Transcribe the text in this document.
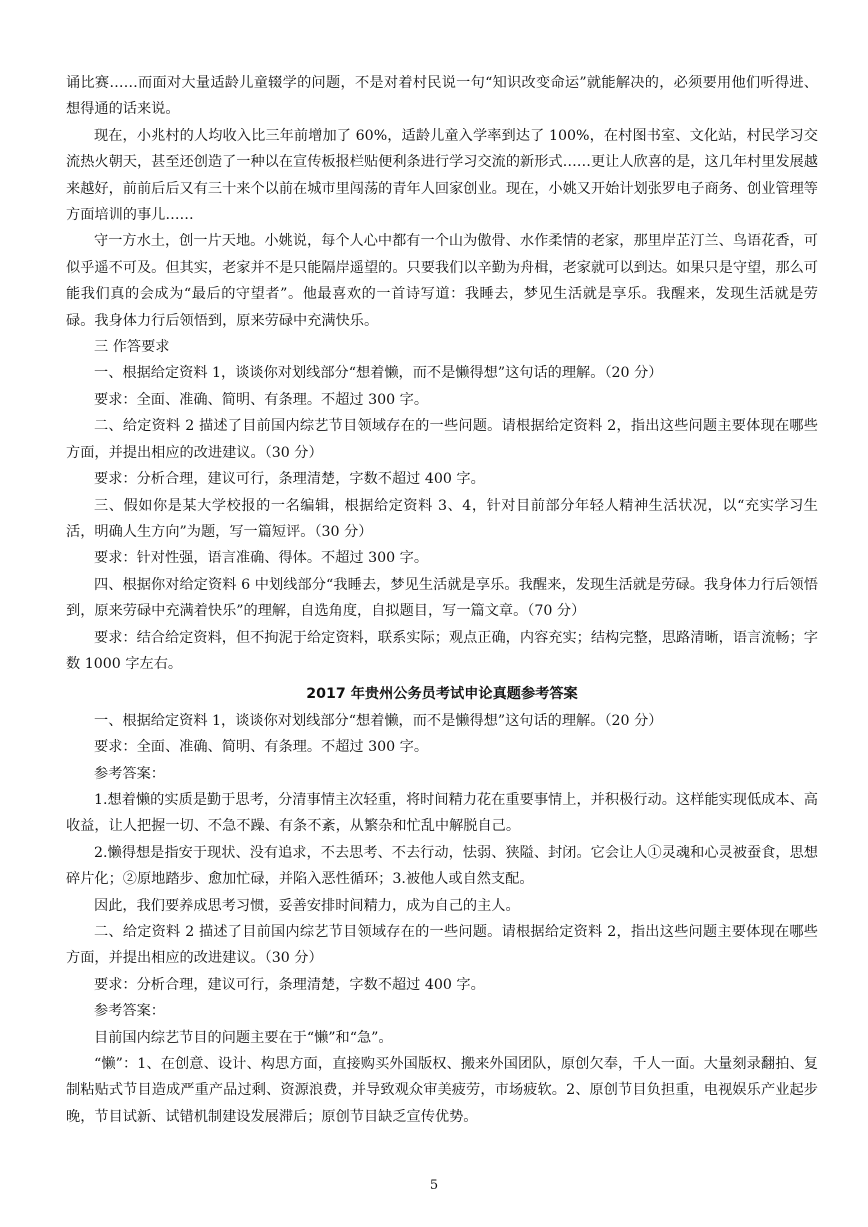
诵比赛……而面对大量适龄儿童辍学的问题，不是对着村民说一句“知识改变命运”就能解决的，必须要用他们听得进、想得通的话来说。

现在，小兆村的人均收入比三年前增加了 60%，适龄儿童入学率到达了 100%，在村图书室、文化站，村民学习交流热火朝天，甚至还创造了一种以在宣传板报栏贴便利条进行学习交流的新形式……更让人欣喜的是，这几年村里发展越来越好，前前后后又有三十来个以前在城市里闯荡的青年人回家创业。现在，小姚又开始计划张罗电子商务、创业管理等方面培训的事儿……

守一方水土，创一片天地。小姚说，每个人心中都有一个山为傲骨、水作柔情的老家，那里岸芷汀兰、鸟语花香，可似乎遥不可及。但其实，老家并不是只能隔岸遥望的。只要我们以辛勤为舟楫，老家就可以到达。如果只是守望，那么可能我们真的会成为“最后的守望者”。他最喜欢的一首诗写道：我睡去，梦见生活就是享乐。我醒来，发现生活就是劳碌。我身体力行后领悟到，原来劳碌中充满快乐。

三 作答要求

一、根据给定资料 1，谈谈你对划线部分“想着懒，而不是懒得想”这句话的理解。（20 分）

要求：全面、准确、简明、有条理。不超过 300 字。

二、给定资料 2 描述了目前国内综艺节目领域存在的一些问题。请根据给定资料 2，指出这些问题主要体现在哪些方面，并提出相应的改进建议。（30 分）

要求：分析合理，建议可行，条理清楚，字数不超过 400 字。

三、假如你是某大学校报的一名编辑，根据给定资料 3、4，针对目前部分年轻人精神生活状况，以“充实学习生活，明确人生方向”为题，写一篇短评。（30 分）

要求：针对性强，语言准确、得体。不超过 300 字。

四、根据你对给定资料 6 中划线部分“我睡去，梦见生活就是享乐。我醒来，发现生活就是劳碌。我身体力行后领悟到，原来劳碌中充满着快乐”的理解，自选角度，自拟题目，写一篇文章。（70 分）

要求：结合给定资料，但不拘泥于给定资料，联系实际；观点正确，内容充实；结构完整，思路清晰，语言流畅；字数 1000 字左右。

2017 年贵州公务员考试申论真题参考答案

一、根据给定资料 1，谈谈你对划线部分“想着懒，而不是懒得想”这句话的理解。（20 分）

要求：全面、准确、简明、有条理。不超过 300 字。

参考答案：

1.想着懒的实质是勤于思考，分清事情主次轻重，将时间精力花在重要事情上，并积极行动。这样能实现低成本、高收益，让人把握一切、不急不躁、有条不紊，从繁杂和忙乱中解脱自己。

2.懒得想是指安于现状、没有追求，不去思考、不去行动，怯弱、狭隘、封闭。它会让人①灵魂和心灵被蚕食，思想碎片化；②原地踏步、愈加忙碌，并陷入恶性循环；3.被他人或自然支配。

因此，我们要养成思考习惯，妥善安排时间精力，成为自己的主人。

二、给定资料 2 描述了目前国内综艺节目领域存在的一些问题。请根据给定资料 2，指出这些问题主要体现在哪些方面，并提出相应的改进建议。（30 分）

要求：分析合理，建议可行，条理清楚，字数不超过 400 字。

参考答案：

目前国内综艺节目的问题主要在于“懒”和“急”。

“懒”：1、在创意、设计、构思方面，直接购买外国版权、搬来外国团队，原创欠奉，千人一面。大量刻录翻拍、复制粘贴式节目造成严重产品过剩、资源浪费，并导致观众审美疲劳，市场疲软。2、原创节目负担重，电视娱乐产业起步晚，节目试新、试错机制建设发展滞后；原创节目缺乏宣传优势。

5
